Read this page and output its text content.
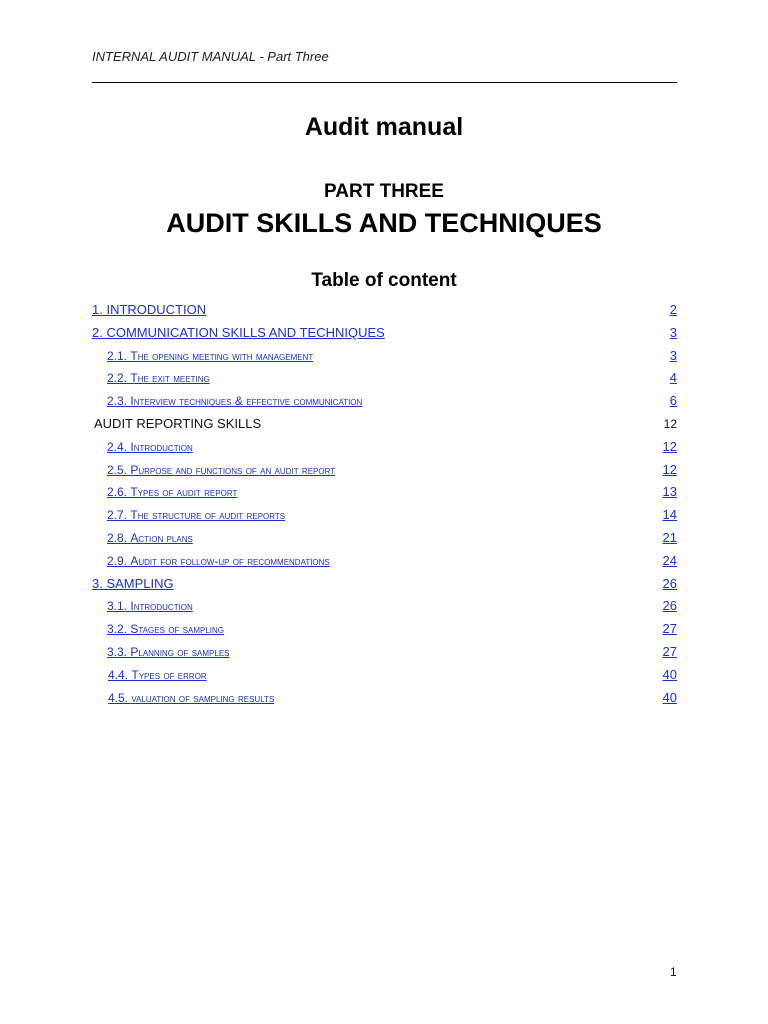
INTERNAL AUDIT MANUAL - Part Three
Audit manual
PART THREE
AUDIT SKILLS AND TECHNIQUES
Table of content
1. INTRODUCTION	2
2. COMMUNICATION SKILLS AND TECHNIQUES	3
2.1. The opening meeting with management	3
2.2. The exit meeting	4
2.3. Interview techniques & effective communication	6
AUDIT REPORTING SKILLS	12
2.4. Introduction	12
2.5. Purpose and functions of an audit report	12
2.6. Types of audit report	13
2.7. The structure of audit reports	14
2.8. Action plans	21
2.9. Audit for follow-up of recommendations	24
3. SAMPLING	26
3.1. Introduction	26
3.2. Stages of sampling	27
3.3. Planning of samples	27
4.4. Types of error	40
4.5. valuation of sampling results	40
1
